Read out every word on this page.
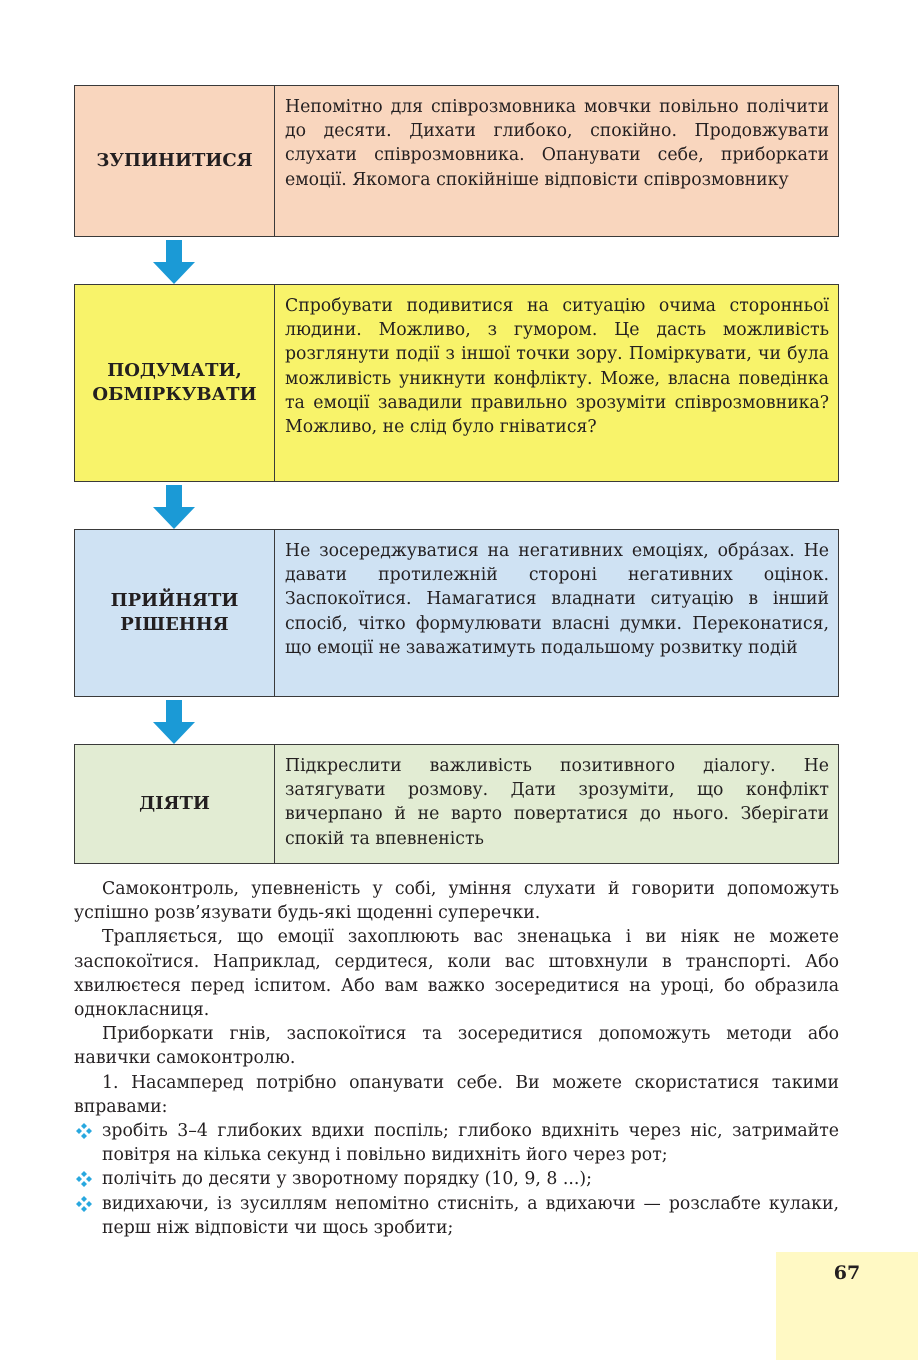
ЗУПИНИТИСЯ
Непомітно для співрозмовника мовчки повільно полічити до десяти. Дихати глибоко, спокійно. Продовжувати слухати співрозмовника. Опанувати себе, приборкати емоції. Якомога спокійніше відповісти співрозмовнику
ПОДУМАТИ, ОБМІРКУВАТИ
Спробувати подивитися на ситуацію очима сторонньої людини. Можливо, з гумором. Це дасть можливість розглянути події з іншої точки зору. Поміркувати, чи була можливість уникнути конфлікту. Може, власна поведінка та емоції завадили правильно зрозуміти співрозмовника? Можливо, не слід було гніватися?
ПРИЙНЯТИ РІШЕННЯ
Не зосереджуватися на негативних емоціях, обрáзах. Не давати протилежній стороні негативних оцінок. Заспокоїтися. Намагатися владнати ситуацію в інший спосіб, чітко формулювати власні думки. Переконатися, що емоції не заважатимуть подальшому розвитку подій
ДІЯТИ
Підкреслити важливість позитивного діалогу. Не затягувати розмову. Дати зрозуміти, що конфлікт вичерпано й не варто повертатися до нього. Зберігати спокій та впевненість

Самоконтроль, упевненість у собі, уміння слухати й говорити допоможуть успішно розв’язувати будь-які щоденні суперечки.

Трапляється, що емоції захоплюють вас зненацька і ви ніяк не можете заспокоїтися. Наприклад, сердитеся, коли вас штовхнули в транспорті. Або хвилюєтеся перед іспитом. Або вам важко зосередитися на уроці, бо образила однокласниця.

Приборкати гнів, заспокоїтися та зосередитися допоможуть методи або навички самоконтролю.

1. Насамперед потрібно опанувати себе. Ви можете скористатися такими вправами:

зробіть 3–4 глибоких вдихи поспіль; глибоко вдихніть через ніс, затримайте повітря на кілька секунд і повільно видихніть його через рот;
полічіть до десяти у зворотному порядку (10, 9, 8 ...);
видихаючи, із зусиллям непомітно стисніть, а вдихаючи — розслабте кулаки, перш ніж відповісти чи щось зробити;
67
